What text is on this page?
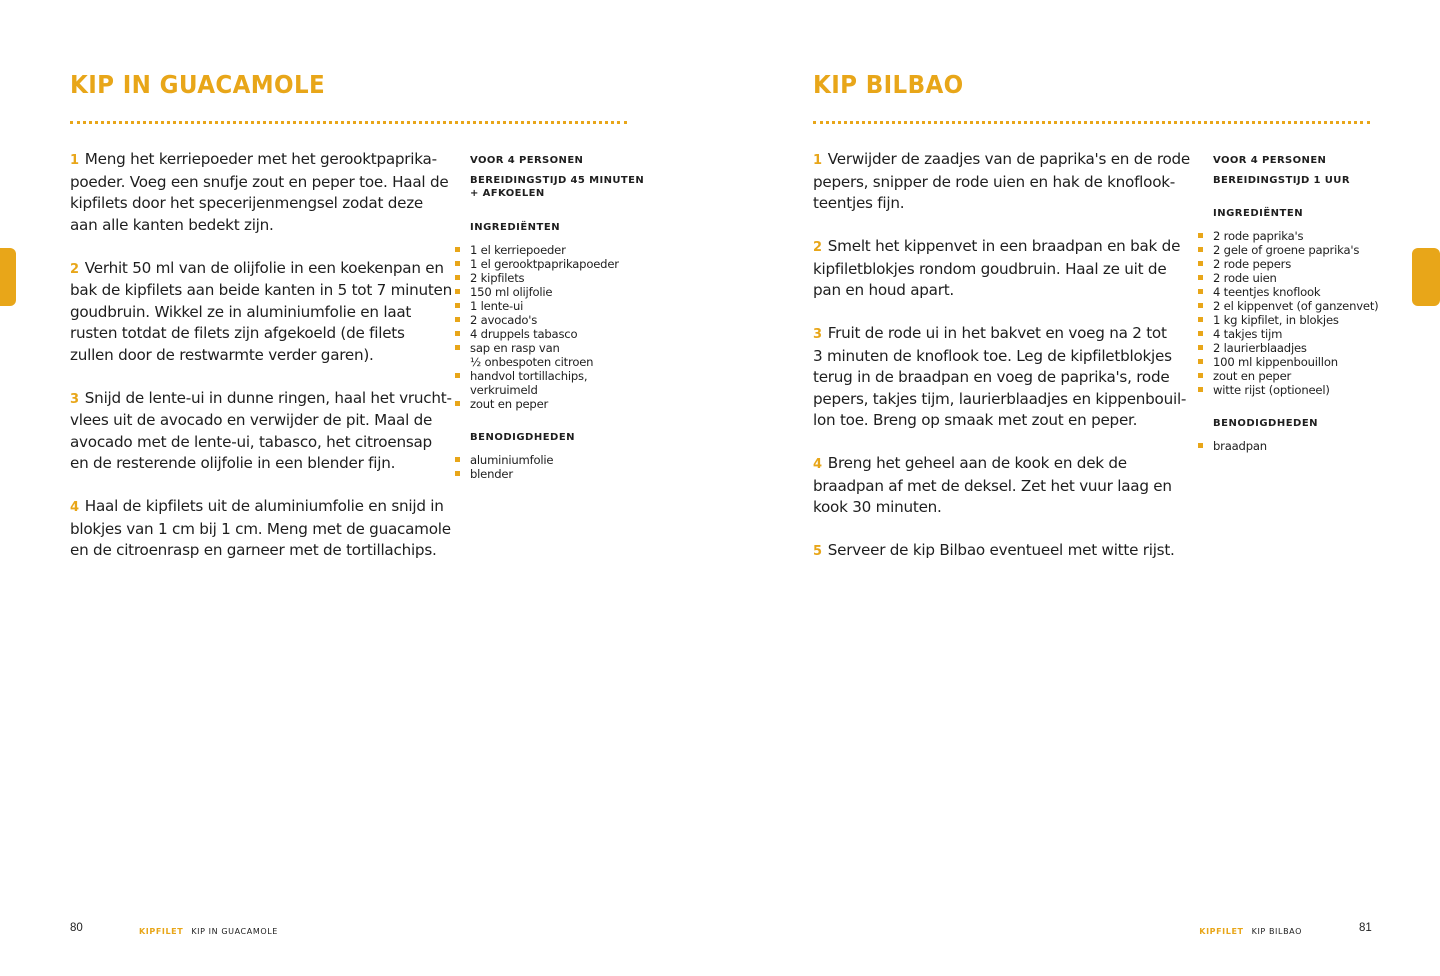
KIP IN GUACAMOLE

1 Meng het kerriepoeder met het gerooktpaprika-
poeder. Voeg een snufje zout en peper toe. Haal de
kipfilets door het specerijenmengsel zodat deze
aan alle kanten bedekt zijn.

2 Verhit 50 ml van de olijfolie in een koekenpan en
bak de kipfilets aan beide kanten in 5 tot 7 minuten
goudbruin. Wikkel ze in aluminiumfolie en laat
rusten totdat de filets zijn afgekoeld (de filets
zullen door de restwarmte verder garen).

3 Snijd de lente-ui in dunne ringen, haal het vrucht-
vlees uit de avocado en verwijder de pit. Maal de
avocado met de lente-ui, tabasco, het citroensap
en de resterende olijfolie in een blender fijn.

4 Haal de kipfilets uit de aluminiumfolie en snijd in
blokjes van 1 cm bij 1 cm. Meng met de guacamole
en de citroenrasp en garneer met de tortillachips.

VOOR 4 PERSONEN

BEREIDINGSTIJD 45 MINUTEN
+ AFKOELEN

INGREDIËNTEN
1 el kerriepoeder
1 el gerooktpaprikapoeder
2 kipfilets
150 ml olijfolie
1 lente-ui
2 avocado's
4 druppels tabasco
sap en rasp van
½ onbespoten citroen
handvol tortillachips,
verkruimeld
zout en peper
BENODIGDHEDEN
aluminiumfolie
blender
80	KIPFILET KIP IN GUACAMOLE
KIP BILBAO

1 Verwijder de zaadjes van de paprika's en de rode
pepers, snipper de rode uien en hak de knoflook-
teentjes fijn.

2 Smelt het kippenvet in een braadpan en bak de
kipfiletblokjes rondom goudbruin. Haal ze uit de
pan en houd apart.

3 Fruit de rode ui in het bakvet en voeg na 2 tot
3 minuten de knoflook toe. Leg de kipfiletblokjes
terug in de braadpan en voeg de paprika's, rode
pepers, takjes tijm, laurierblaadjes en kippenbouil-
lon toe. Breng op smaak met zout en peper.

4 Breng het geheel aan de kook en dek de
braadpan af met de deksel. Zet het vuur laag en
kook 30 minuten.

5 Serveer de kip Bilbao eventueel met witte rijst.

VOOR 4 PERSONEN

BEREIDINGSTIJD 1 UUR

INGREDIËNTEN
2 rode paprika's
2 gele of groene paprika's
2 rode pepers
2 rode uien
4 teentjes knoflook
2 el kippenvet (of ganzenvet)
1 kg kipfilet, in blokjes
4 takjes tijm
2 laurierblaadjes
100 ml kippenbouillon
zout en peper
witte rijst (optioneel)
BENODIGDHEDEN
braadpan
KIPFILET KIP BILBAO	81
